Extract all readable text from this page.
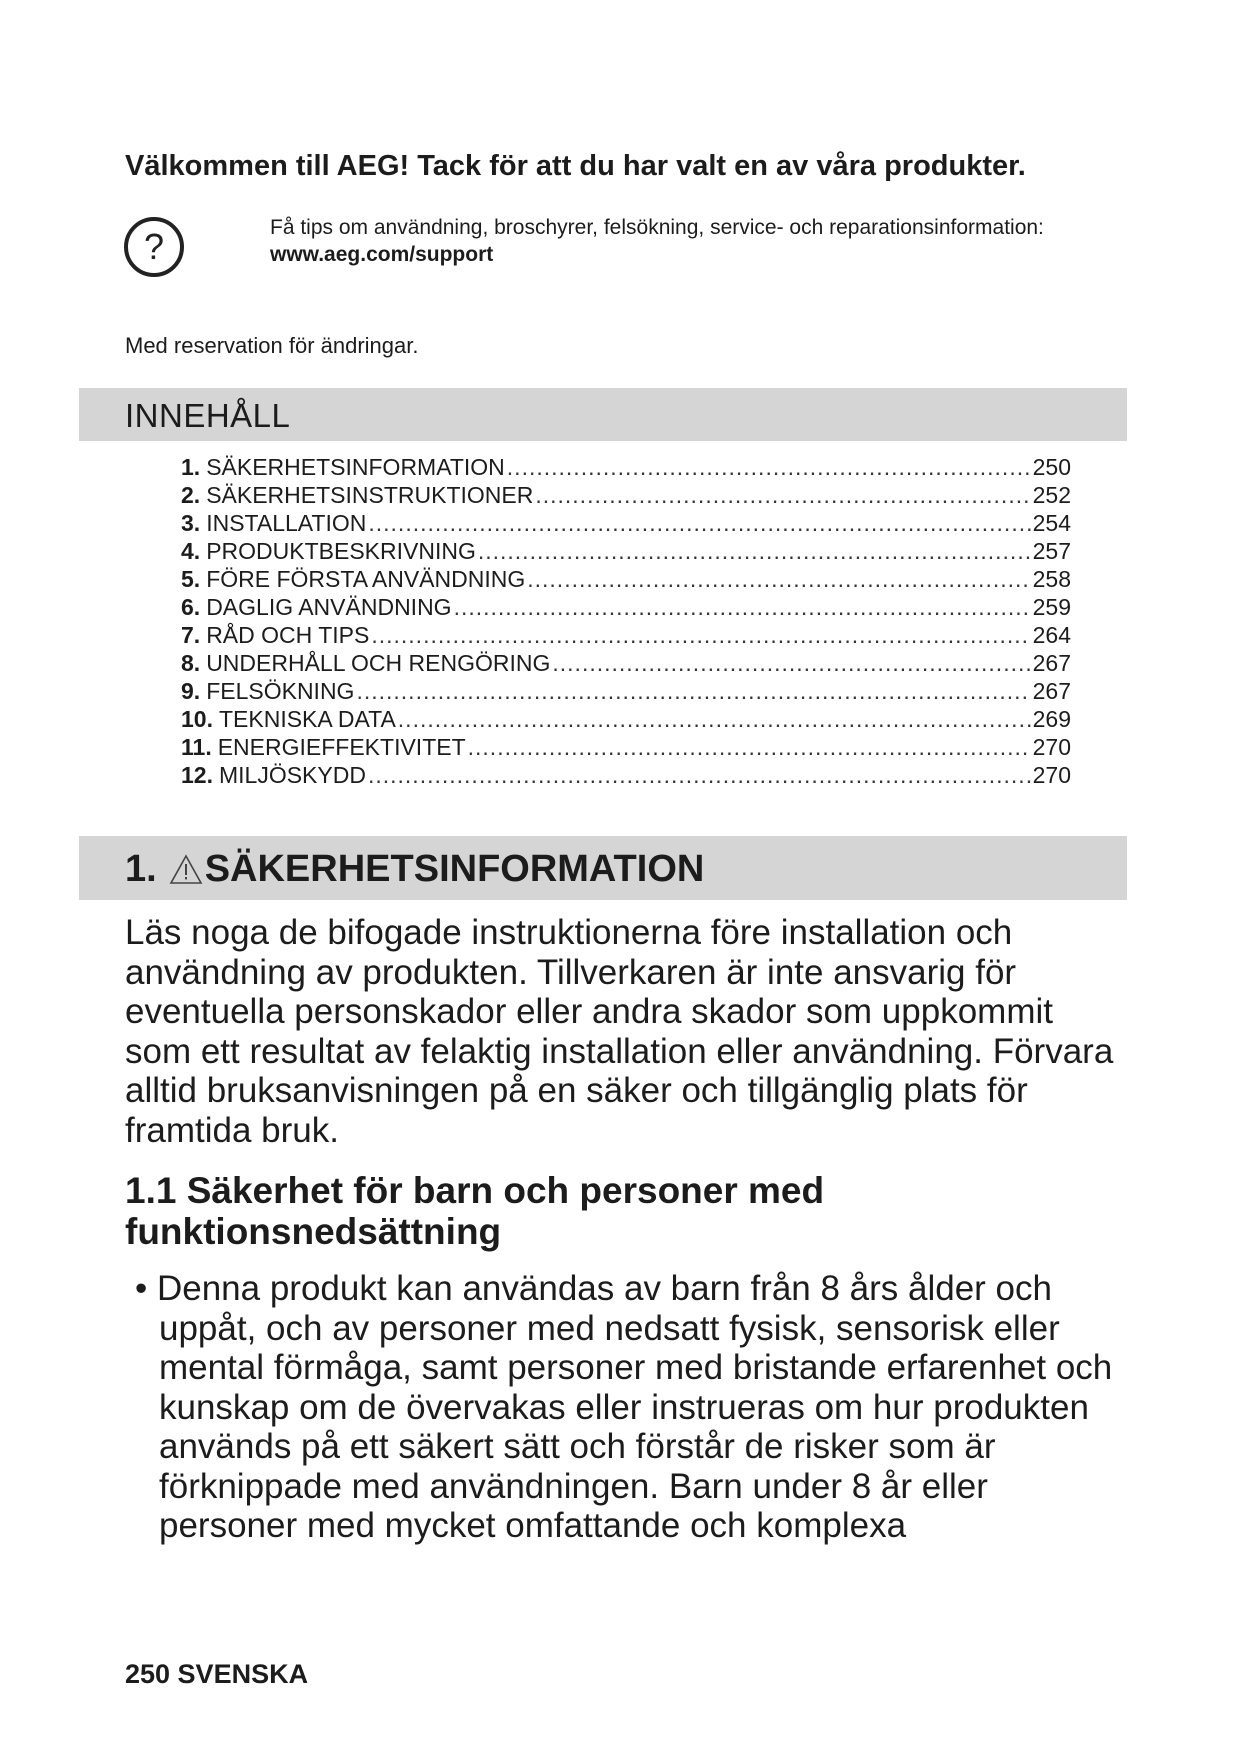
Välkommen till AEG! Tack för att du har valt en av våra produkter.
?	Få tips om användning, broschyrer, felsökning, service- och reparationsinformation:
www.aeg.com/support
Med reservation för ändringar.
INNEHÅLL
1. SÄKERHETSINFORMATION .....	250
2. SÄKERHETSINSTRUKTIONER .....	252
3. INSTALLATION .....	254
4. PRODUKTBESKRIVNING .....	257
5. FÖRE FÖRSTA ANVÄNDNING .....	258
6. DAGLIG ANVÄNDNING .....	259
7. RÅD OCH TIPS .....	264
8. UNDERHÅLL OCH RENGÖRING .....	267
9. FELSÖKNING .....	267
10. TEKNISKA DATA .....	269
11. ENERGIEFFEKTIVITET .....	270
12. MILJÖSKYDD .....	270
1. SÄKERHETSINFORMATION

Läs noga de bifogade instruktionerna före installation och användning av produkten. Tillverkaren är inte ansvarig för eventuella personskador eller andra skador som uppkommit som ett resultat av felaktig installation eller användning. Förvara alltid bruksanvisningen på en säker och tillgänglig plats för framtida bruk.

1.1 Säkerhet för barn och personer med funktionsnedsättning

• Denna produkt kan användas av barn från 8 års ålder och uppåt, och av personer med nedsatt fysisk, sensorisk eller mental förmåga, samt personer med bristande erfarenhet och kunskap om de övervakas eller instrueras om hur produkten används på ett säkert sätt och förstår de risker som är förknippade med användningen. Barn under 8 år eller personer med mycket omfattande och komplexa

250 SVENSKA
